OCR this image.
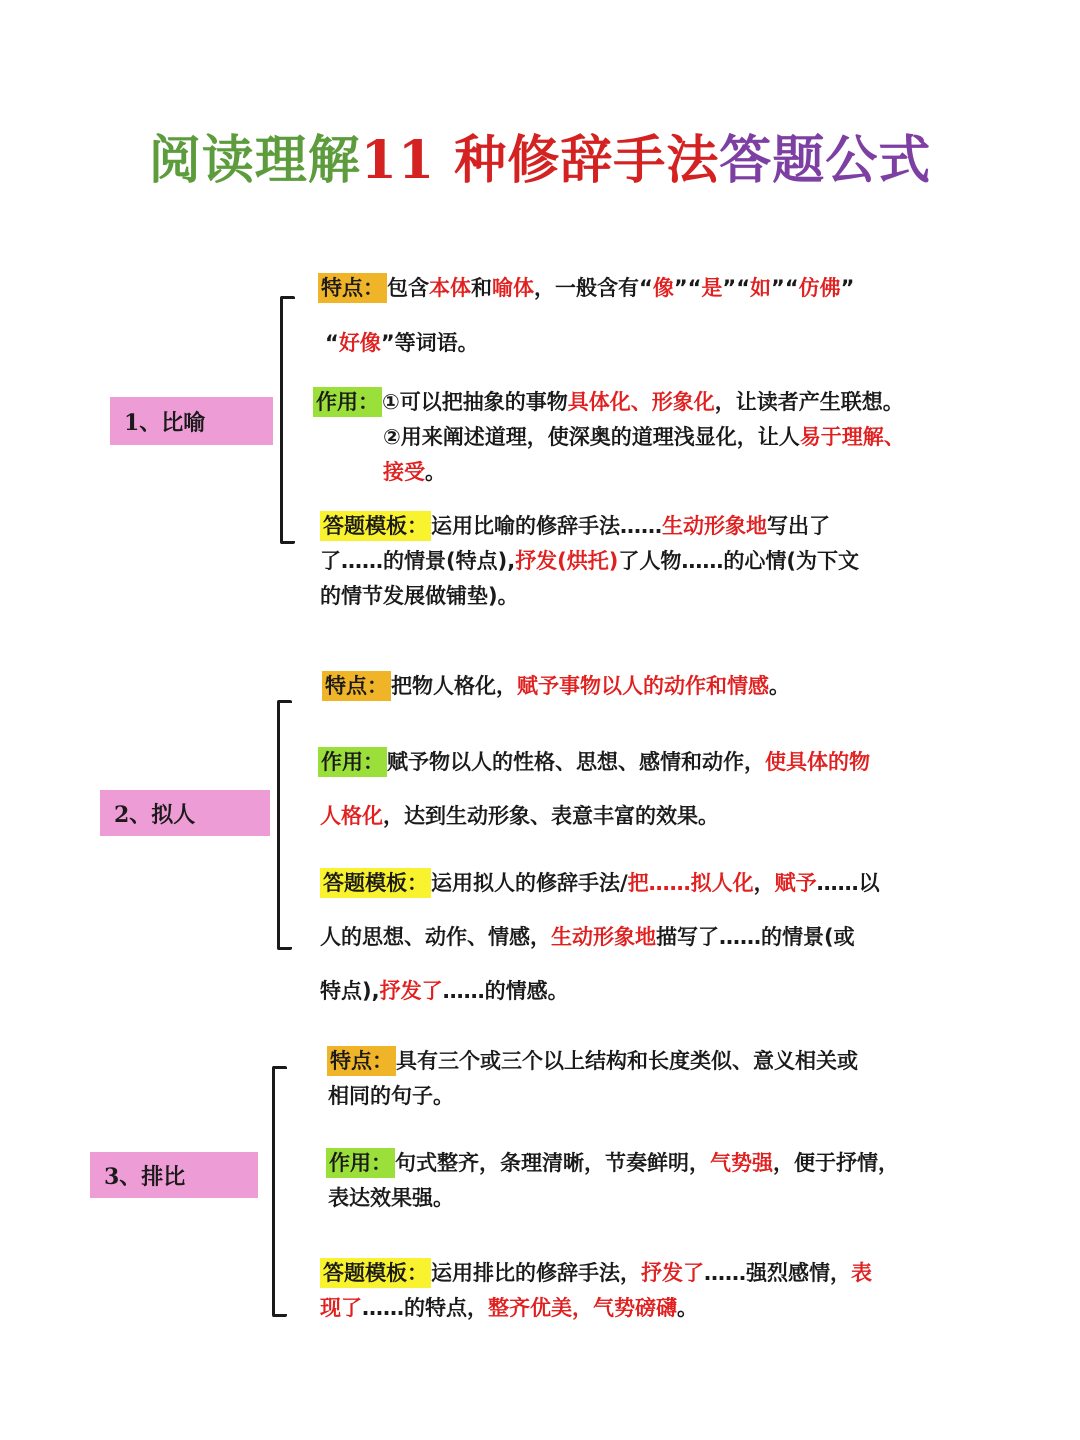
阅读理解11 种修辞手法答题公式
1、比喻
特点： 包含本体和喻体，一般含有“像”“是”“如”“仿佛”
“好像”等词语。
作用： ①可以把抽象的事物具体化、形象化，让读者产生联想。
②用来阐述道理，使深奥的道理浅显化，让人易于理解、
接受。
答题模板： 运用比喻的修辞手法……生动形象地写出了
了……的情景(特点),抒发(烘托)了人物……的心情(为下文
的情节发展做铺垫)。
2、拟人
特点： 把物人格化，赋予事物以人的动作和情感。
作用： 赋予物以人的性格、思想、感情和动作，使具体的物
人格化，达到生动形象、表意丰富的效果。
答题模板： 运用拟人的修辞手法/把……拟人化，赋予……以
人的思想、动作、情感，生动形象地描写了……的情景(或
特点),抒发了……的情感。
3、排比
特点： 具有三个或三个以上结构和长度类似、意义相关或
相同的句子。
作用： 句式整齐，条理清晰，节奏鲜明，气势强，便于抒情，
表达效果强。
答题模板： 运用排比的修辞手法，抒发了……强烈感情，表
现了……的特点，整齐优美，气势磅礴。
